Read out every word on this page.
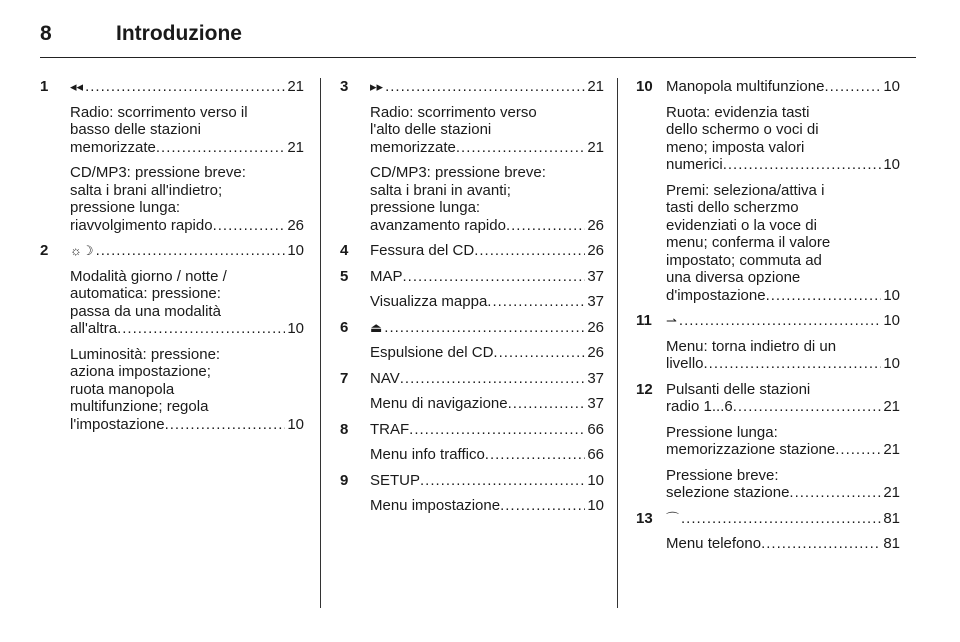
8	Introduzione
1 ◂◂ .....	21
Radio: scorrimento verso il
basso delle stazioni
memorizzate .....	21
CD/MP3: pressione breve:
salta i brani all'indietro;
pressione lunga:
riavvolgimento rapido .....	26
2 ☼☽ .....	10
Modalità giorno / notte /
automatica: pressione:
passa da una modalità
all'altra .....	10
Luminosità: pressione:
aziona impostazione;
ruota manopola
multifunzione; regola
l'impostazione .....	10
3 ▸▸ .....	21
Radio: scorrimento verso
l'alto delle stazioni
memorizzate .....	21
CD/MP3: pressione breve:
salta i brani in avanti;
pressione lunga:
avanzamento rapido .....	26
4 Fessura del CD .....	26
5 MAP .....	37
Visualizza mappa .....	37
6 ⏏ .....	26
Espulsione del CD .....	26
7 NAV .....	37
Menu di navigazione .....	37
8 TRAF .....	66
Menu info traffico .....	66
9 SETUP .....	10
Menu impostazione .....	10
10 Manopola multifunzione .....	10
Ruota: evidenzia tasti
dello schermo o voci di
meno; imposta valori
numerici .....	10
Premi: seleziona/attiva i
tasti dello scherzmo
evidenziati o la voce di
menu; conferma il valore
impostato; commuta ad
una diversa opzione
d'impostazione .....	10
11 ⇀ .....	10
Menu: torna indietro di un
livello .....	10
12 Pulsanti delle stazioni
radio 1...6 .....	21
Pressione lunga:
memorizzazione stazione .....	21
Pressione breve:
selezione stazione .....	21
13 ⌒ .....	81
Menu telefono .....	81
